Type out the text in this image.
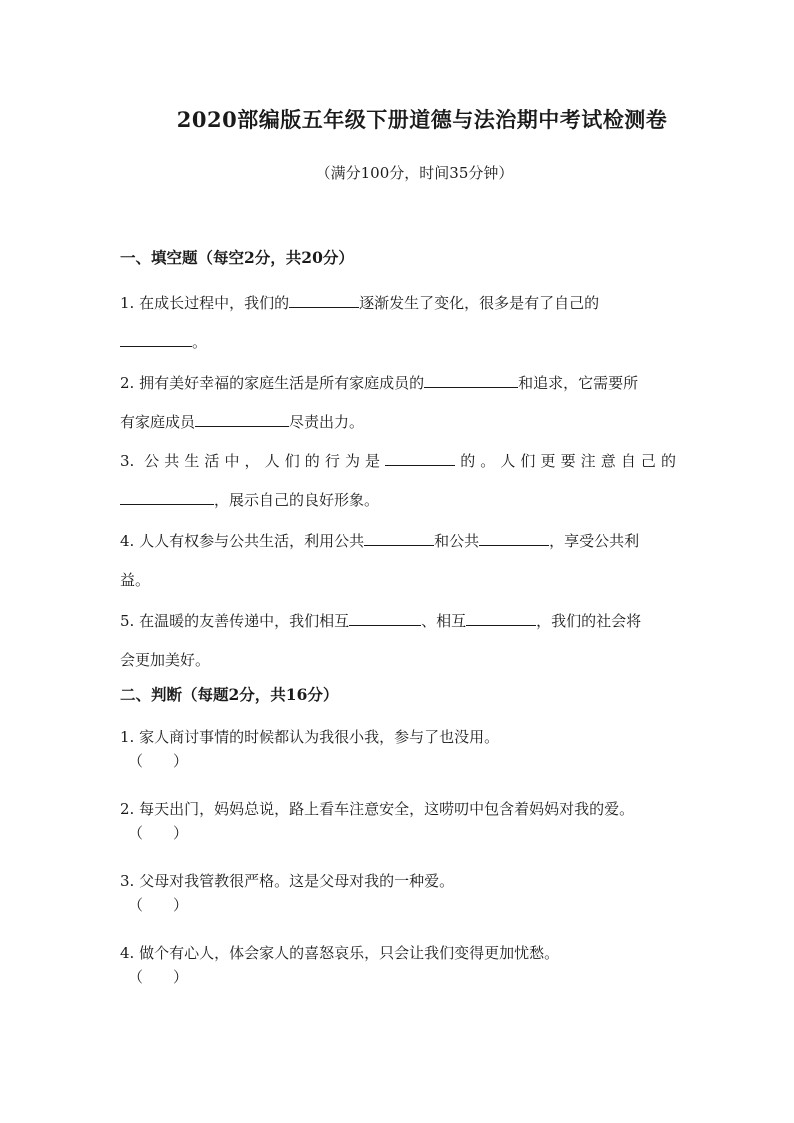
2020部编版五年级下册道德与法治期中考试检测卷
（满分100分，时间35分钟）
一、填空题（每空2分，共20分）
1. 在成长过程中，我们的	逐渐发生了变化，很多是有了自己的
。
2. 拥有美好幸福的家庭生活是所有家庭成员的	和追求，它需要所
有家庭成员	尽责出力。
3. 公共生活中，人们的行为是	的。人们更要注意自己的
，展示自己的良好形象。
4. 人人有权参与公共生活，利用公共	和公共	，享受公共利
益。
5. 在温暖的友善传递中，我们相互	、相互	，我们的社会将
会更加美好。
二、判断（每题2分，共16分）
1. 家人商讨事情的时候都认为我很小我，参与了也没用。
（　　）
2. 每天出门，妈妈总说，路上看车注意安全，这唠叨中包含着妈妈对我的爱。
（　　）
3. 父母对我管教很严格。这是父母对我的一种爱。
（　　）
4. 做个有心人，体会家人的喜怒哀乐，只会让我们变得更加忧愁。
（　　）
